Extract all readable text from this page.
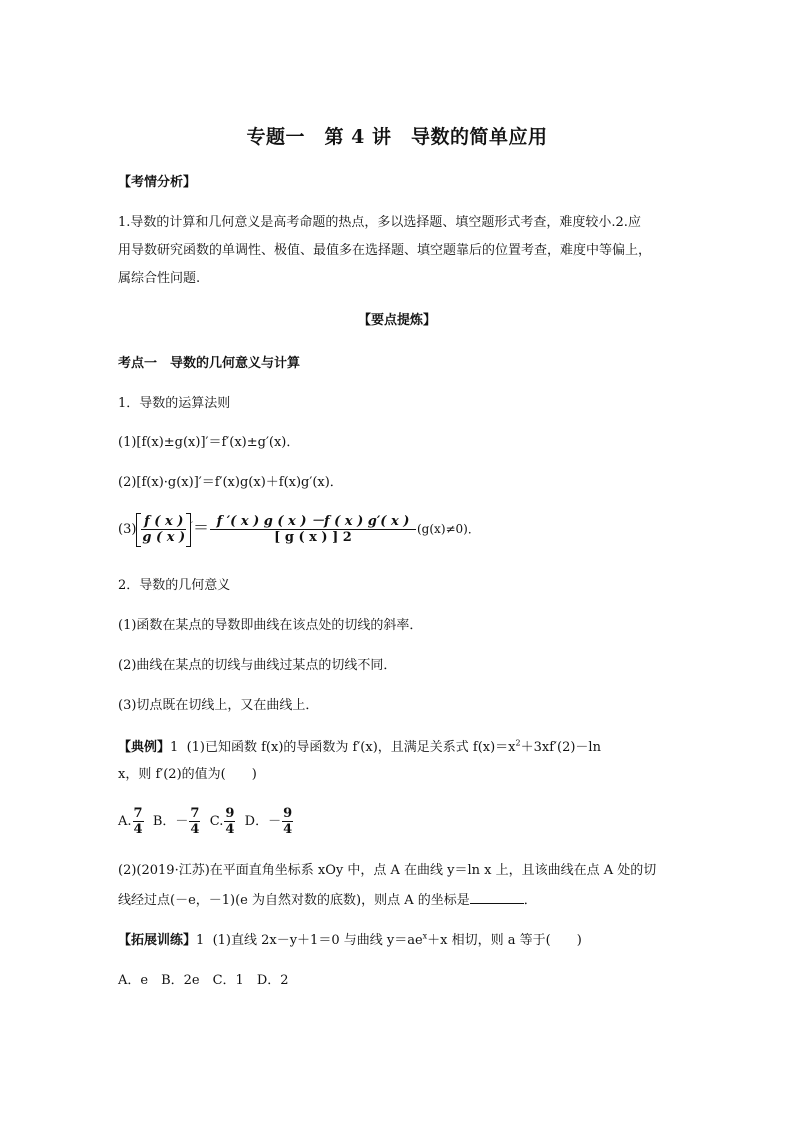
专题一　第 4 讲　导数的简单应用
【考情分析】
1.导数的计算和几何意义是高考命题的热点，多以选择题、填空题形式考查，难度较小.2.应
用导数研究函数的单调性、极值、最值多在选择题、填空题靠后的位置考查，难度中等偏上，
属综合性问题.
【要点提炼】
考点一　导数的几何意义与计算
1．导数的运算法则
(1)[f(x)±g(x)]′＝f′(x)±g′(x)．
(2)[f(x)·g(x)]′＝f′(x)g(x)＋f(x)g′(x)．
$(3) \frac{f ( x )}{g ( x )} '= \frac{f '( x ) g ( x ) -f ( x ) g'( x )}{[ g ( x ) ] 2} (g(x)\ne 0)$．
2．导数的几何意义
(1)函数在某点的导数即曲线在该点处的切线的斜率．
(2)曲线在某点的切线与曲线过某点的切线不同．
(3)切点既在切线上，又在曲线上．
【典例】1 (1)已知函数 f(x)的导函数为 f′(x)，且满足关系式 $f(x)=x^2+3xf'(2)-\ln$
x，则 f′(2)的值为(　　)
A. $\frac{7}{4}$ B．－ $\frac{7}{4} C$. $\frac{9}{4}$ D．－ $\frac{9}{4}$
(2)(2019·江苏)在平面直角坐标系 xOy 中，点 A 在曲线 y＝ln x 上，且该曲线在点 A 处的切
线经过点(－e，－1)(e 为自然对数的底数)，则点 A 的坐标是	．
【拓展训练】1 (1)直线 2x－y＋1＝0 与曲线 $y=ae^x+x$ 相切，则 a 等于(　　)
A．e　B．2e　C．1　D．2
